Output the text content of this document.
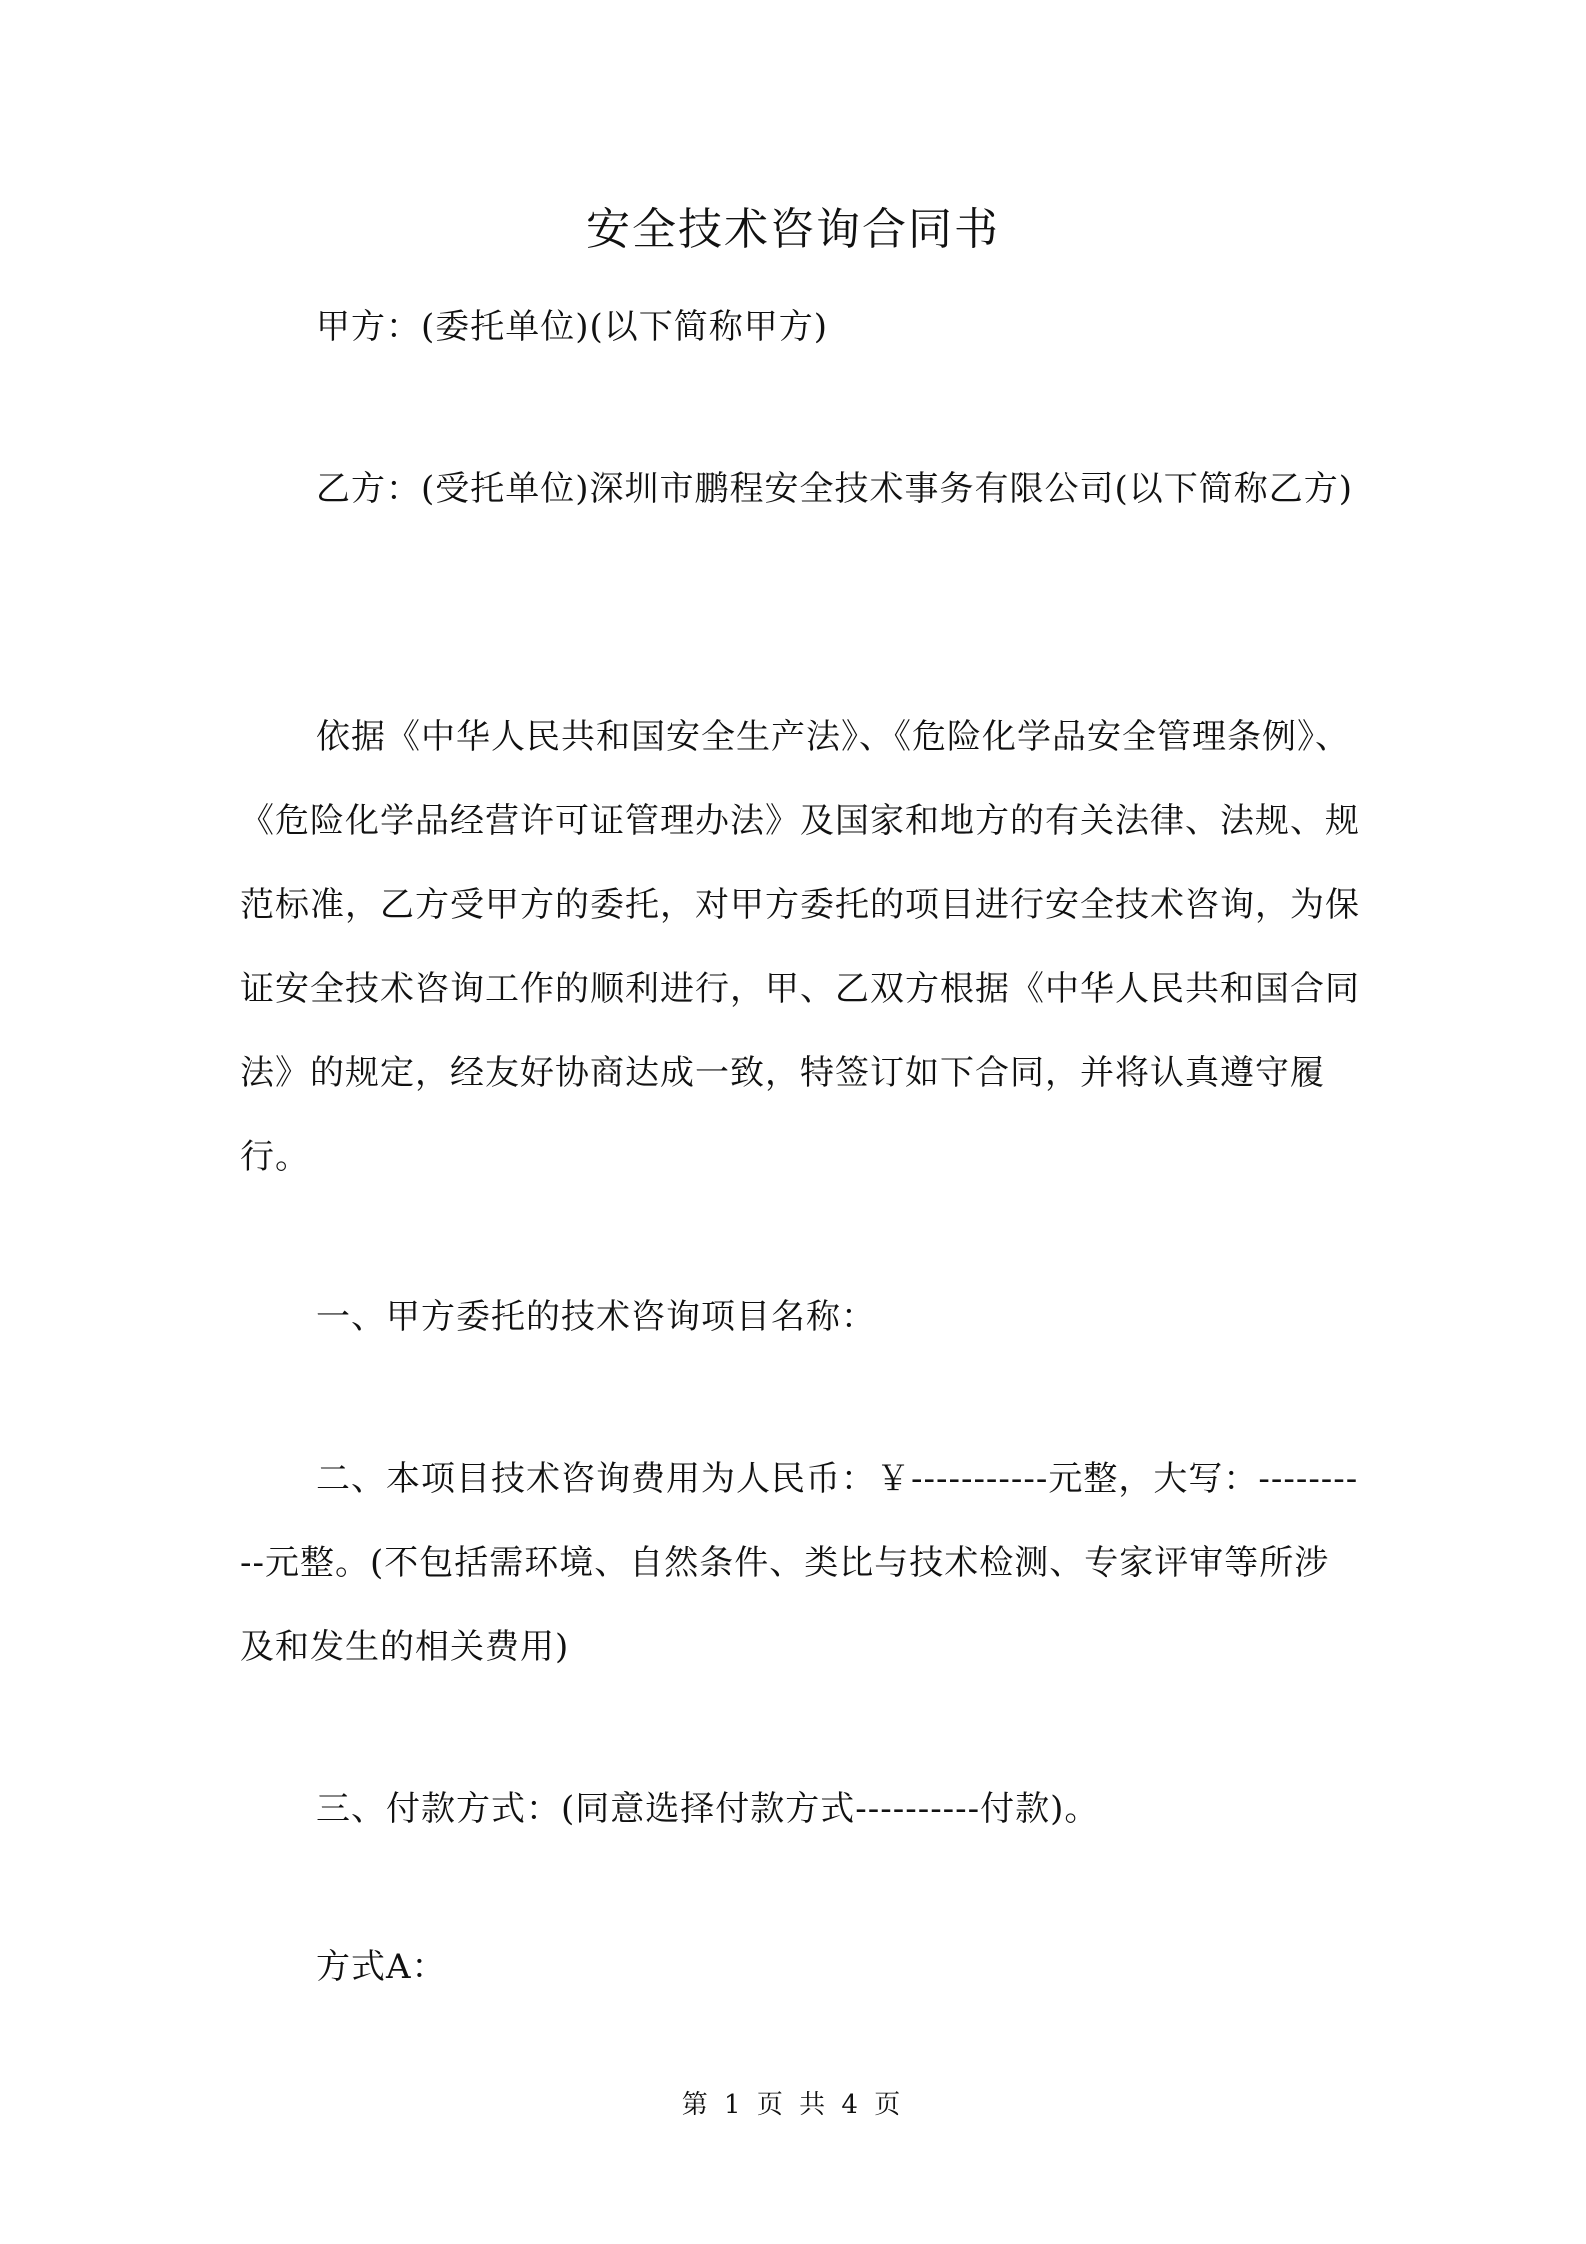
安全技术咨询合同书

甲方：(委托单位)(以下简称甲方)

乙方：(受托单位)深圳市鹏程安全技术事务有限公司(以下简称乙方)

依据《中华人民共和国安全生产法》、《危险化学品安全管理条例》、《危险化学品经营许可证管理办法》及国家和地方的有关法律、法规、规范标准，乙方受甲方的委托，对甲方委托的项目进行安全技术咨询，为保证安全技术咨询工作的顺利进行，甲、乙双方根据《中华人民共和国合同法》的规定，经友好协商达成一致，特签订如下合同，并将认真遵守履行。

一、甲方委托的技术咨询项目名称：

二、本项目技术咨询费用为人民币：￥-----------元整，大写：----------元整。(不包括需环境、自然条件、类比与技术检测、专家评审等所涉及和发生的相关费用)

三、付款方式：(同意选择付款方式----------付款)。

方式A：

第 1 页 共 4 页
